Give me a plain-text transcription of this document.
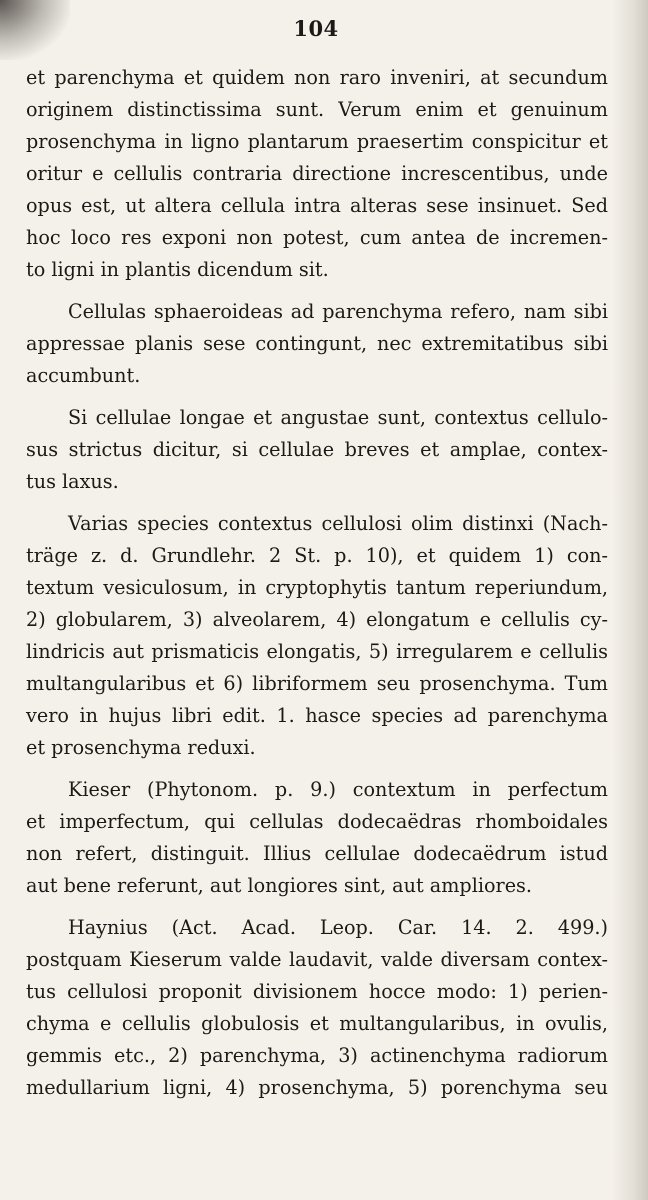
104
et parenchyma et quidem non raro inveniri, at secundum
originem distinctissima sunt. Verum enim et genuinum
prosenchyma in ligno plantarum praesertim conspicitur et
oritur e cellulis contraria directione increscentibus, unde
opus est, ut altera cellula intra alteras sese insinuet. Sed
hoc loco res exponi non potest, cum antea de incremen-
to ligni in plantis dicendum sit.
Cellulas sphaeroideas ad parenchyma refero, nam sibi
appressae planis sese contingunt, nec extremitatibus sibi
accumbunt.
Si cellulae longae et angustae sunt, contextus cellulo-
sus strictus dicitur, si cellulae breves et amplae, contex-
tus laxus.
Varias species contextus cellulosi olim distinxi (Nach-
träge z. d. Grundlehr. 2 St. p. 10), et quidem 1) con-
textum vesiculosum, in cryptophytis tantum reperiundum,
2) globularem, 3) alveolarem, 4) elongatum e cellulis cy-
lindricis aut prismaticis elongatis, 5) irregularem e cellulis
multangularibus et 6) libriformem seu prosenchyma. Tum
vero in hujus libri edit. 1. hasce species ad parenchyma
et prosenchyma reduxi.
Kieser (Phytonom. p. 9.) contextum in perfectum
et imperfectum, qui cellulas dodecaëdras rhomboidales
non refert, distinguit. Illius cellulae dodecaëdrum istud
aut bene referunt, aut longiores sint, aut ampliores.
Haynius (Act. Acad. Leop. Car. 14. 2. 499.)
postquam Kieserum valde laudavit, valde diversam contex-
tus cellulosi proponit divisionem hocce modo: 1) perien-
chyma e cellulis globulosis et multangularibus, in ovulis,
gemmis etc., 2) parenchyma, 3) actinenchyma radiorum
medullarium ligni, 4) prosenchyma, 5) porenchyma seu
